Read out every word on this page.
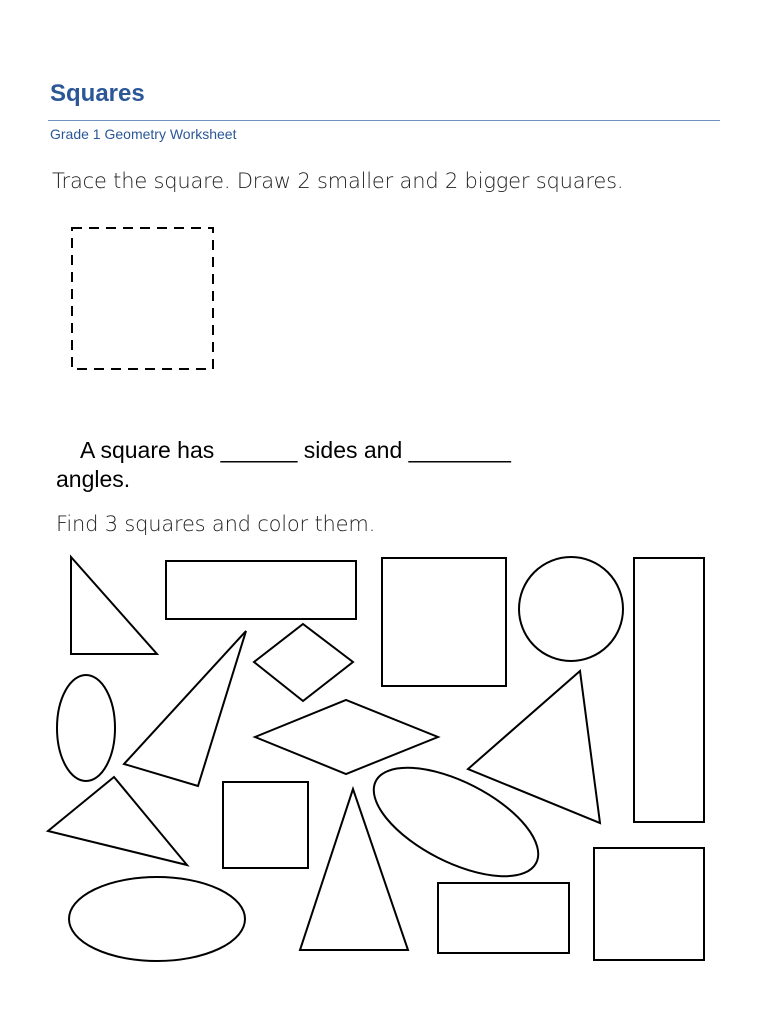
Squares
Grade 1 Geometry Worksheet
Trace the square. Draw 2 smaller and 2 bigger squares.
A square has ______ sides and ________
angles.
Find 3 squares and color them.
